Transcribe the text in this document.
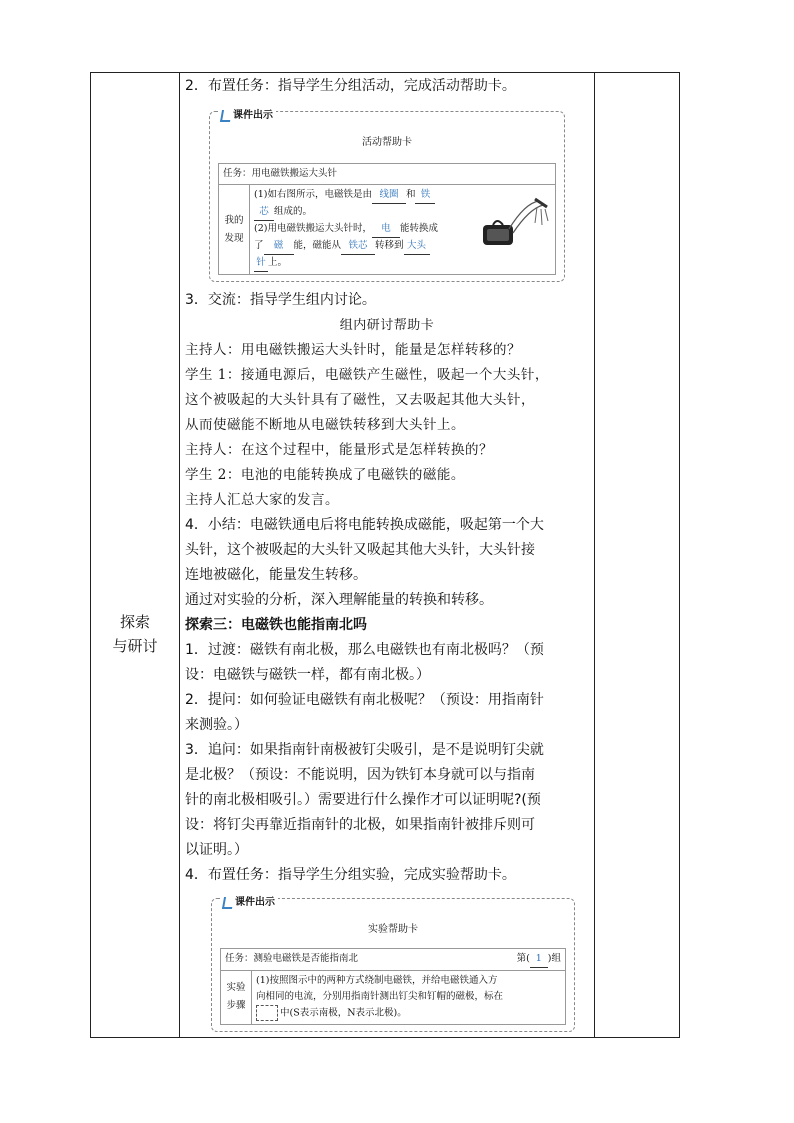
探索
与研讨

2．布置任务：指导学生分组活动，完成活动帮助卡。

课件出示
活动帮助卡
任务：用电磁铁搬运大头针
我的
发现	
(1)如右图所示，电磁铁是由 线圈 和 铁
芯 组成的。
(2)用电磁铁搬运大头针时， 电 能转换成
了 磁 能，磁能从 铁芯 转移到 大头
针 上。

3．交流：指导学生组内讨论。

组内研讨帮助卡
主持人：用电磁铁搬运大头针时，能量是怎样转移的？
学生 1：接通电源后，电磁铁产生磁性，吸起一个大头针，
这个被吸起的大头针具有了磁性，又去吸起其他大头针，
从而使磁能不断地从电磁铁转移到大头针上。
主持人：在这个过程中，能量形式是怎样转换的？
学生 2：电池的电能转换成了电磁铁的磁能。
主持人汇总大家的发言。

4．小结：电磁铁通电后将电能转换成磁能，吸起第一个大

头针，这个被吸起的大头针又吸起其他大头针，大头针接

连地被磁化，能量发生转移。

通过对实验的分析，深入理解能量的转换和转移。

探索三：电磁铁也能指南北吗

1．过渡：磁铁有南北极，那么电磁铁也有南北极吗？（预

设：电磁铁与磁铁一样，都有南北极。）

2．提问：如何验证电磁铁有南北极呢？（预设：用指南针

来测验。）

3．追问：如果指南针南极被钉尖吸引，是不是说明钉尖就

是北极？（预设：不能说明，因为铁钉本身就可以与指南

针的南北极相吸引。）需要进行什么操作才可以证明呢?(预

设：将钉尖再靠近指南针的北极，如果指南针被排斥则可

以证明。）

4．布置任务：指导学生分组实验，完成实验帮助卡。

课件出示
实验帮助卡
任务：测验电磁铁是否能指南北	第( 1 )组

实验
步骤	
(1)按照图示中的两种方式绕制电磁铁，并给电磁铁通入方
向相同的电流，分别用指南针测出钉尖和钉帽的磁极，标在
中(S表示南极，N表示北极)。
